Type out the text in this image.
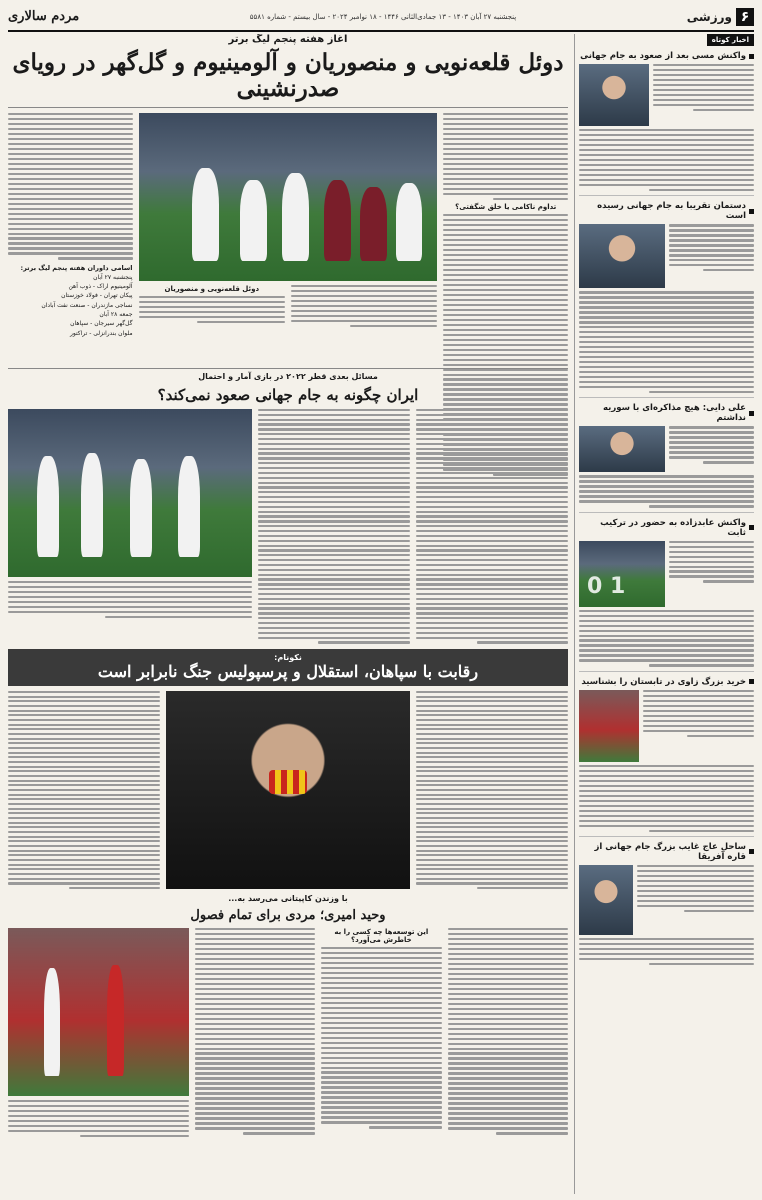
۶
ورزشی
پنجشنبه ۲۷ آبان ۱۴۰۳ - ۱۳ جمادی‌الثانی ۱۴۴۶ - ۱۸ نوامبر ۲۰۲۴ - سال بیستم - شماره ۵۵۸۱
مردم سالاری
اخبار کوتاه
واکنش مسی بعد از صعود به جام جهانی
دستمان تقریبا به جام جهانی رسیده است
علی دایی: هیچ مذاکره‌ای با سوریه نداشتم
واکنش عابدزاده به حضور در ترکیب ثابت
1 0
خرید بزرگ زاوی در تابستان را بشناسید
ساحل عاج غایب بزرگ جام جهانی از قاره آفریقا
آغاز هفته پنجم لیگ برتر
دوئل قلعه‌نویی و منصوریان و آلومینیوم و گل‌گهر در رویای صدرنشینی
تداوم ناکامی یا خلق شگفتی؟
دوئل قلعه‌نویی و منصوریان
اسامی داوران هفته پنجم لیگ برتر:
پنجشنبه ۲۷ آبان
آلومینیوم اراک - ذوب آهن
پیکان تهران - فولاد خوزستان
نساجی مازندران - صنعت نفت آبادان
جمعه ۲۸ آبان
گل‌گهر سیرجان - سپاهان
ملوان بندرانزلی - تراکتور
مسائل بعدی قطر ۲۰۲۲ در بازی آمار و احتمال
ایران چگونه به جام جهانی صعود نمی‌کند؟
نکونام:
رقابت با سپاهان، استقلال و پرسپولیس جنگ نابرابر است
با وزندن کاپیتانی می‌رسد به...
وحید امیری؛ مردی برای تمام فصول
این توسعه‌ها چه کسی را به خاطرش می‌آورد؟
